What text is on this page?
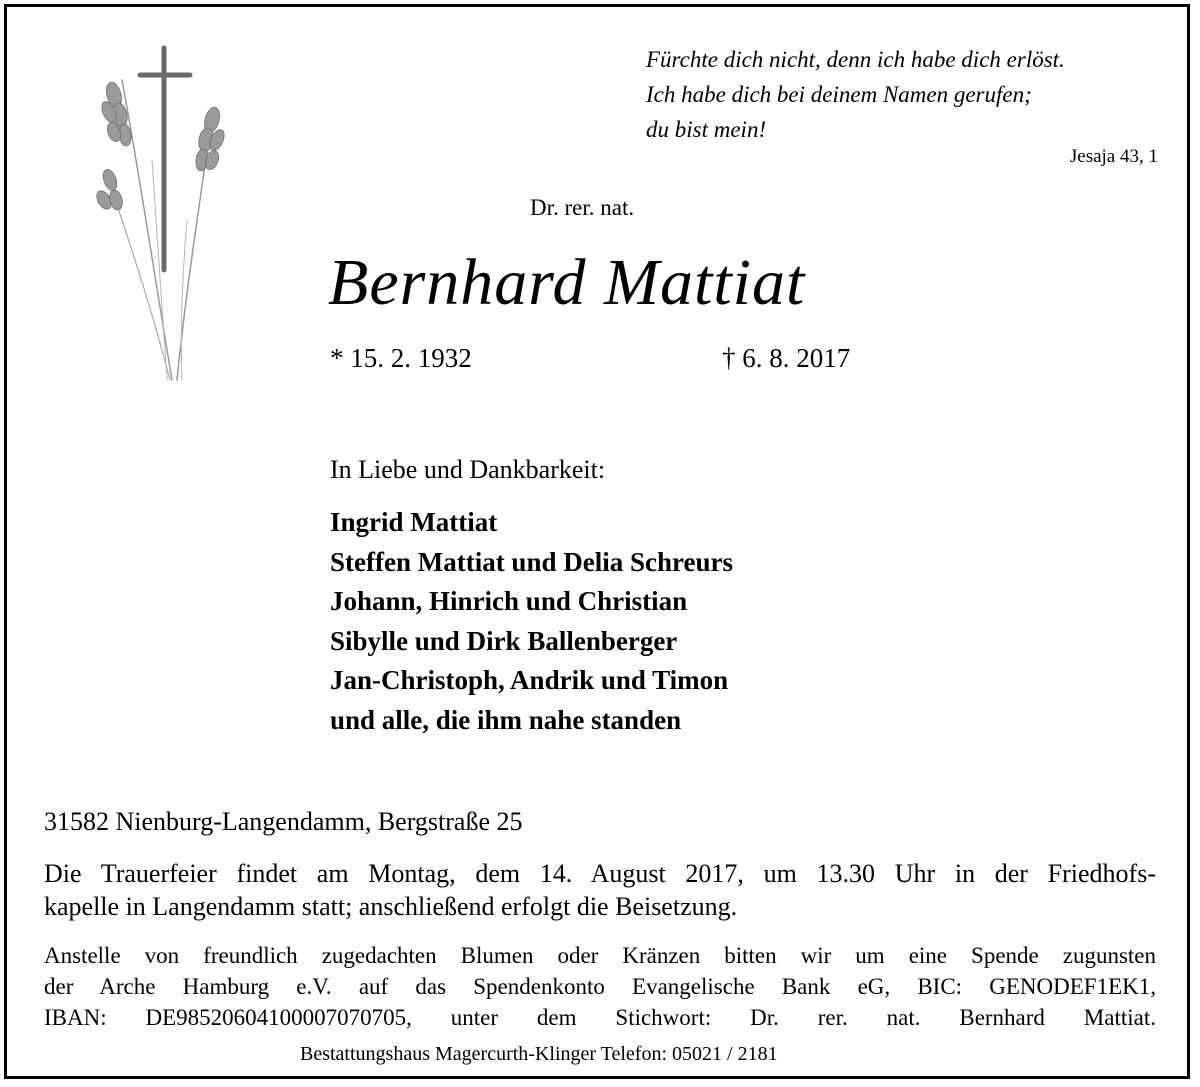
Fürchte dich nicht, denn ich habe dich erlöst.
Ich habe dich bei deinem Namen gerufen;
du bist mein!
Jesaja 43, 1
Dr. rer. nat.
Bernhard Mattiat
* 15. 2. 1932	† 6. 8. 2017
In Liebe und Dankbarkeit:
Ingrid Mattiat
Steffen Mattiat und Delia Schreurs
Johann, Hinrich und Christian
Sibylle und Dirk Ballenberger
Jan-Christoph, Andrik und Timon
und alle, die ihm nahe standen
31582 Nienburg-Langendamm, Bergstraße 25
Die Trauerfeier findet am Montag, dem 14. August 2017, um 13.30 Uhr in der Friedhofs-
kapelle in Langendamm statt; anschließend erfolgt die Beisetzung.
Anstelle von freundlich zugedachten Blumen oder Kränzen bitten wir um eine Spende zugunsten
der Arche Hamburg e.V. auf das Spendenkonto Evangelische Bank eG, BIC: GENODEF1EK1,
IBAN: DE98520604100007070705, unter dem Stichwort: Dr. rer. nat. Bernhard Mattiat.
Bestattungshaus Magercurth-Klinger Telefon: 05021 / 2181
